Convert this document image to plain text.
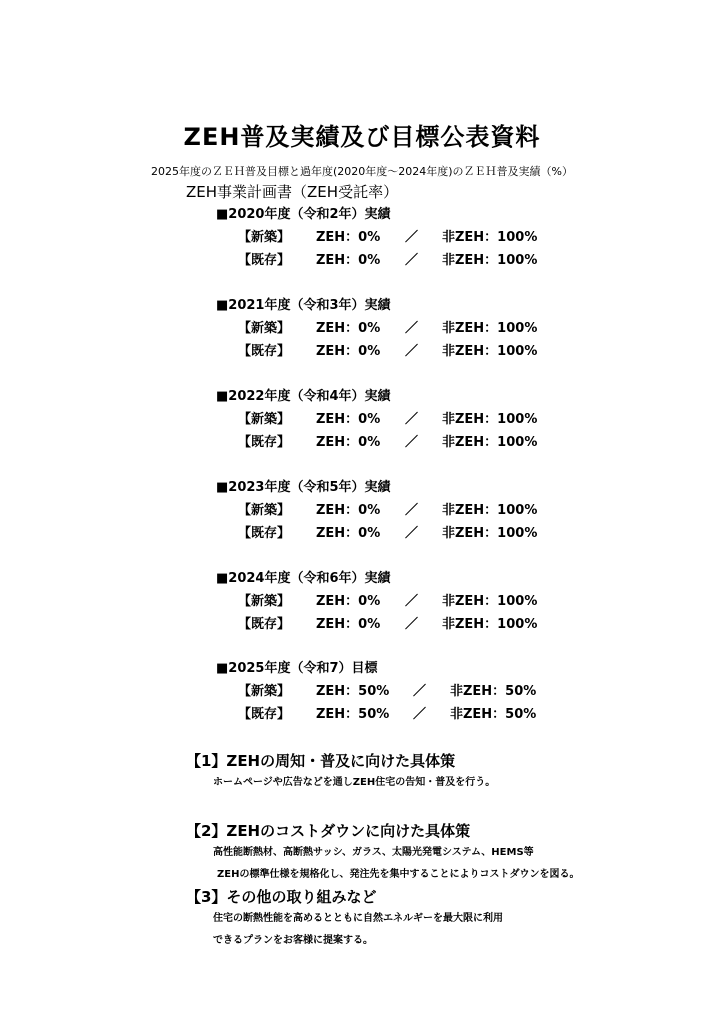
ZEH普及実績及び目標公表資料
2025年度のＺＥＨ普及目標と過年度(2020年度～2024年度)のＺＥＨ普及実績（%）
ZEH事業計画書（ZEH受託率）
■2020年度（令和2年）実績
【新築】 ZEH：0% ／ 非ZEH：100%
【既存】 ZEH：0% ／ 非ZEH：100%
■2021年度（令和3年）実績
【新築】 ZEH：0% ／ 非ZEH：100%
【既存】 ZEH：0% ／ 非ZEH：100%
■2022年度（令和4年）実績
【新築】 ZEH：0% ／ 非ZEH：100%
【既存】 ZEH：0% ／ 非ZEH：100%
■2023年度（令和5年）実績
【新築】 ZEH：0% ／ 非ZEH：100%
【既存】 ZEH：0% ／ 非ZEH：100%
■2024年度（令和6年）実績
【新築】 ZEH：0% ／ 非ZEH：100%
【既存】 ZEH：0% ／ 非ZEH：100%
■2025年度（令和7）目標
【新築】 ZEH：50% ／ 非ZEH：50%
【既存】 ZEH：50% ／ 非ZEH：50%
【1】ZEHの周知・普及に向けた具体策
ホームページや広告などを通しZEH住宅の告知・普及を行う。
【2】ZEHのコストダウンに向けた具体策
高性能断熱材、高断熱サッシ、ガラス、太陽光発電システム、HEMS等
ZEHの標準仕様を規格化し、発注先を集中することによりコストダウンを図る。
【3】その他の取り組みなど
住宅の断熱性能を高めるとともに自然エネルギーを最大限に利用
できるプランをお客様に提案する。
